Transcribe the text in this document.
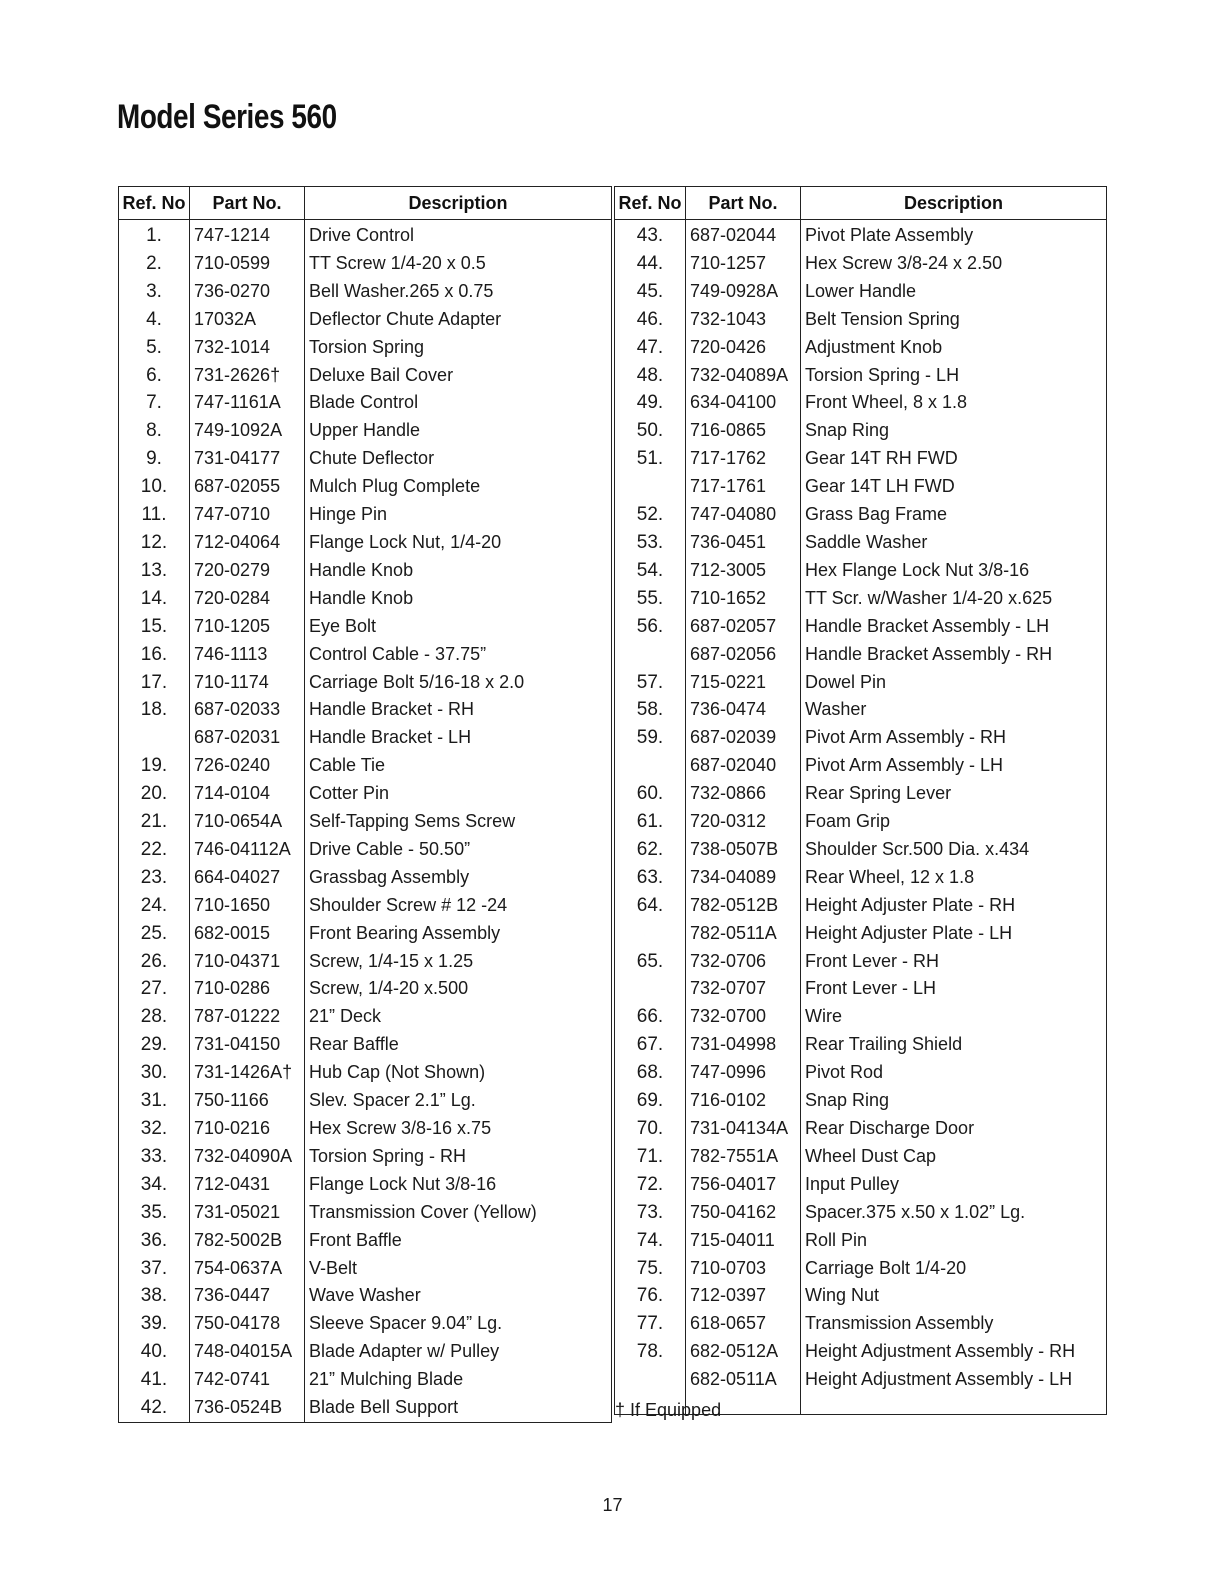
Model Series 560
Ref. No	Part No.	Description
1.	747-1214	Drive Control
2.	710-0599	TT Screw 1/4-20 x 0.5
3.	736-0270	Bell Washer.265 x 0.75
4.	17032A	Deflector Chute Adapter
5.	732-1014	Torsion Spring
6.	731-2626†	Deluxe Bail Cover
7.	747-1161A	Blade Control
8.	749-1092A	Upper Handle
9.	731-04177	Chute Deflector
10.	687-02055	Mulch Plug Complete
11.	747-0710	Hinge Pin
12.	712-04064	Flange Lock Nut, 1/4-20
13.	720-0279	Handle Knob
14.	720-0284	Handle Knob
15.	710-1205	Eye Bolt
16.	746-1113	Control Cable - 37.75”
17.	710-1174	Carriage Bolt 5/16-18 x 2.0
18.	687-02033	Handle Bracket - RH
	687-02031	Handle Bracket - LH
19.	726-0240	Cable Tie
20.	714-0104	Cotter Pin
21.	710-0654A	Self-Tapping Sems Screw
22.	746-04112A	Drive Cable - 50.50”
23.	664-04027	Grassbag Assembly
24.	710-1650	Shoulder Screw # 12 -24
25.	682-0015	Front Bearing Assembly
26.	710-04371	Screw, 1/4-15 x 1.25
27.	710-0286	Screw, 1/4-20 x.500
28.	787-01222	21” Deck
29.	731-04150	Rear Baffle
30.	731-1426A†	Hub Cap (Not Shown)
31.	750-1166	Slev. Spacer 2.1” Lg.
32.	710-0216	Hex Screw 3/8-16 x.75
33.	732-04090A	Torsion Spring - RH
34.	712-0431	Flange Lock Nut 3/8-16
35.	731-05021	Transmission Cover (Yellow)
36.	782-5002B	Front Baffle
37.	754-0637A	V-Belt
38.	736-0447	Wave Washer
39.	750-04178	Sleeve Spacer 9.04” Lg.
40.	748-04015A	Blade Adapter w/ Pulley
41.	742-0741	21” Mulching Blade
42.	736-0524B	Blade Bell Support
Ref. No	Part No.	Description
43.	687-02044	Pivot Plate Assembly
44.	710-1257	Hex Screw 3/8-24 x 2.50
45.	749-0928A	Lower Handle
46.	732-1043	Belt Tension Spring
47.	720-0426	Adjustment Knob
48.	732-04089A	Torsion Spring - LH
49.	634-04100	Front Wheel, 8 x 1.8
50.	716-0865	Snap Ring
51.	717-1762	Gear 14T RH FWD
	717-1761	Gear 14T LH FWD
52.	747-04080	Grass Bag Frame
53.	736-0451	Saddle Washer
54.	712-3005	Hex Flange Lock Nut 3/8-16
55.	710-1652	TT Scr. w/Washer 1/4-20 x.625
56.	687-02057	Handle Bracket Assembly - LH
	687-02056	Handle Bracket Assembly - RH
57.	715-0221	Dowel Pin
58.	736-0474	Washer
59.	687-02039	Pivot Arm Assembly - RH
	687-02040	Pivot Arm Assembly - LH
60.	732-0866	Rear Spring Lever
61.	720-0312	Foam Grip
62.	738-0507B	Shoulder Scr.500 Dia. x.434
63.	734-04089	Rear Wheel, 12 x 1.8
64.	782-0512B	Height Adjuster Plate - RH
	782-0511A	Height Adjuster Plate - LH
65.	732-0706	Front Lever - RH
	732-0707	Front Lever - LH
66.	732-0700	Wire
67.	731-04998	Rear Trailing Shield
68.	747-0996	Pivot Rod
69.	716-0102	Snap Ring
70.	731-04134A	Rear Discharge Door
71.	782-7551A	Wheel Dust Cap
72.	756-04017	Input Pulley
73.	750-04162	Spacer.375 x.50 x 1.02” Lg.
74.	715-04011	Roll Pin
75.	710-0703	Carriage Bolt 1/4-20
76.	712-0397	Wing Nut
77.	618-0657	Transmission Assembly
78.	682-0512A	Height Adjustment Assembly - RH
	682-0511A	Height Adjustment Assembly - LH

† If Equipped
17
